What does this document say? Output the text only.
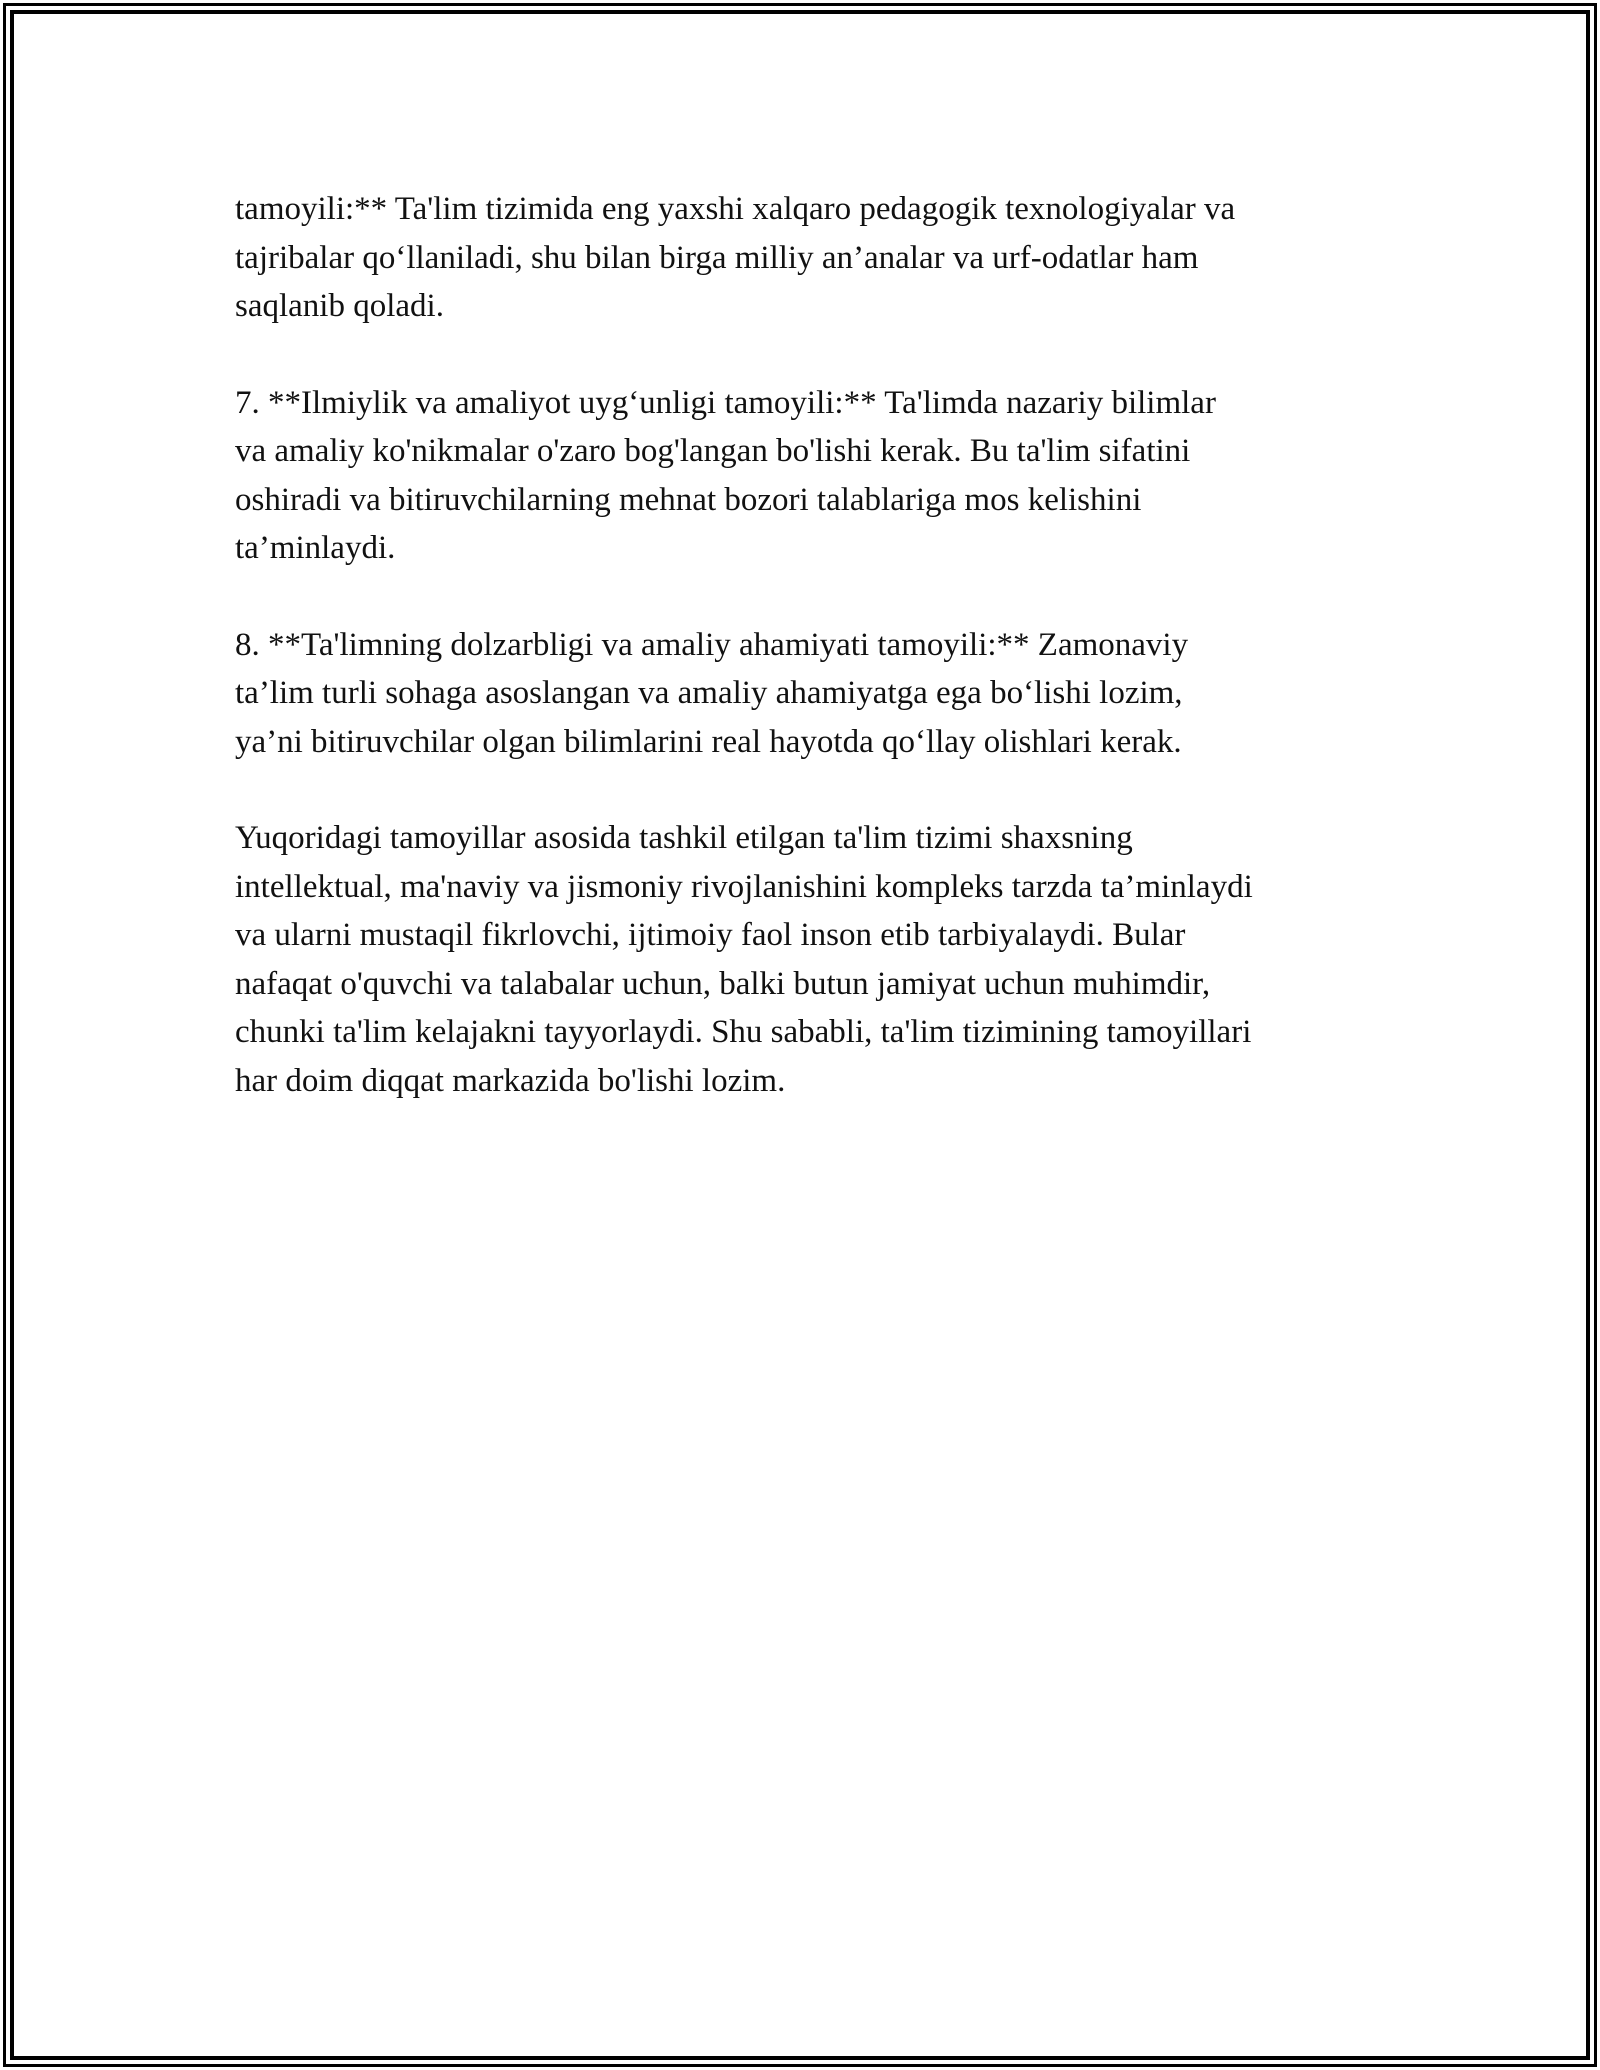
tamoyili:** Ta'lim tizimida eng yaxshi xalqaro pedagogik texnologiyalar va
tajribalar qo‘llaniladi, shu bilan birga milliy an’analar va urf-odatlar ham
saqlanib qoladi.

7. **Ilmiylik va amaliyot uyg‘unligi tamoyili:** Ta'limda nazariy bilimlar
va amaliy ko'nikmalar o'zaro bog'langan bo'lishi kerak. Bu ta'lim sifatini
oshiradi va bitiruvchilarning mehnat bozori talablariga mos kelishini
ta’minlaydi.

8. **Ta'limning dolzarbligi va amaliy ahamiyati tamoyili:** Zamonaviy
ta’lim turli sohaga asoslangan va amaliy ahamiyatga ega bo‘lishi lozim,
ya’ni bitiruvchilar olgan bilimlarini real hayotda qo‘llay olishlari kerak.

Yuqoridagi tamoyillar asosida tashkil etilgan ta'lim tizimi shaxsning
intellektual, ma'naviy va jismoniy rivojlanishini kompleks tarzda ta’minlaydi
va ularni mustaqil fikrlovchi, ijtimoiy faol inson etib tarbiyalaydi. Bular
nafaqat o'quvchi va talabalar uchun, balki butun jamiyat uchun muhimdir,
chunki ta'lim kelajakni tayyorlaydi. Shu sababli, ta'lim tizimining tamoyillari
har doim diqqat markazida bo'lishi lozim.
